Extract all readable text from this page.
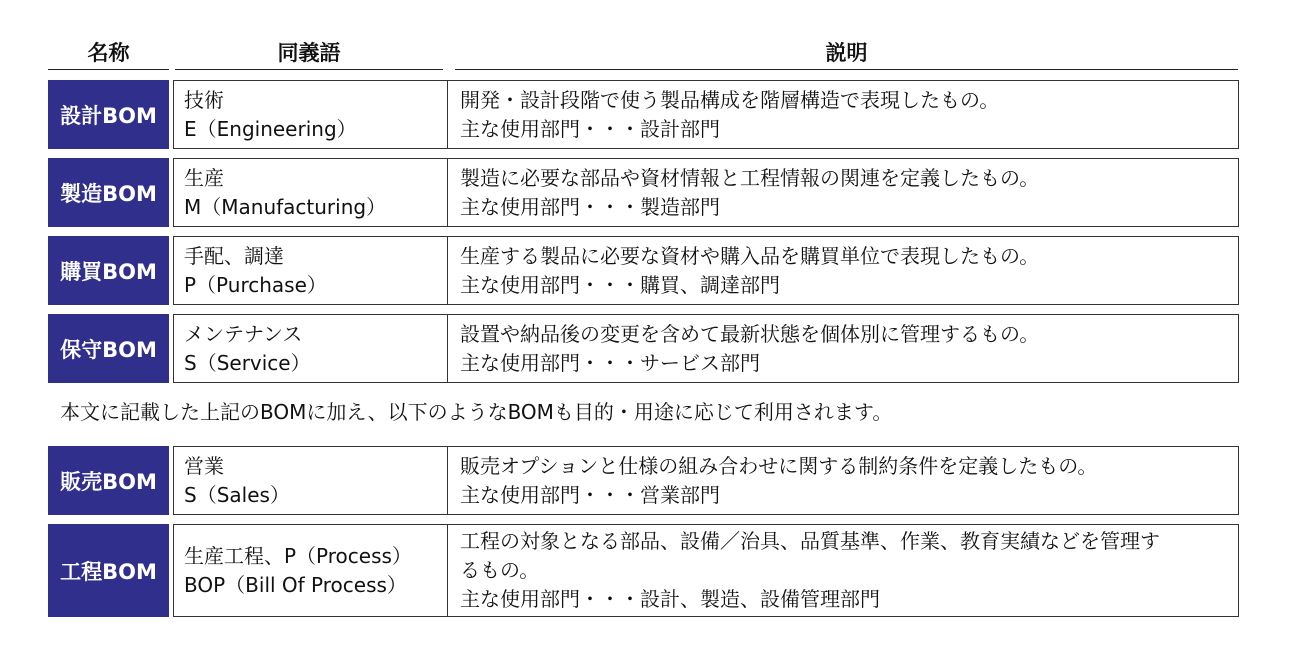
名称	同義語	説明
設計BOM
技術
E（Engineering）
開発・設計段階で使う製品構成を階層構造で表現したもの。
主な使用部門・・・設計部門
製造BOM
生産
M（Manufacturing）
製造に必要な部品や資材情報と工程情報の関連を定義したもの。
主な使用部門・・・製造部門
購買BOM
手配、調達
P（Purchase）
生産する製品に必要な資材や購入品を購買単位で表現したもの。
主な使用部門・・・購買、調達部門
保守BOM
メンテナンス
S（Service）
設置や納品後の変更を含めて最新状態を個体別に管理するもの。
主な使用部門・・・サービス部門
本文に記載した上記のBOMに加え、以下のようなBOMも目的・用途に応じて利用されます。
販売BOM
営業
S（Sales）
販売オプションと仕様の組み合わせに関する制約条件を定義したもの。
主な使用部門・・・営業部門
工程BOM
生産工程、P（Process）
BOP（Bill Of Process）
工程の対象となる部品、設備／治具、品質基準、作業、教育実績などを管理す
るもの。
主な使用部門・・・設計、製造、設備管理部門
